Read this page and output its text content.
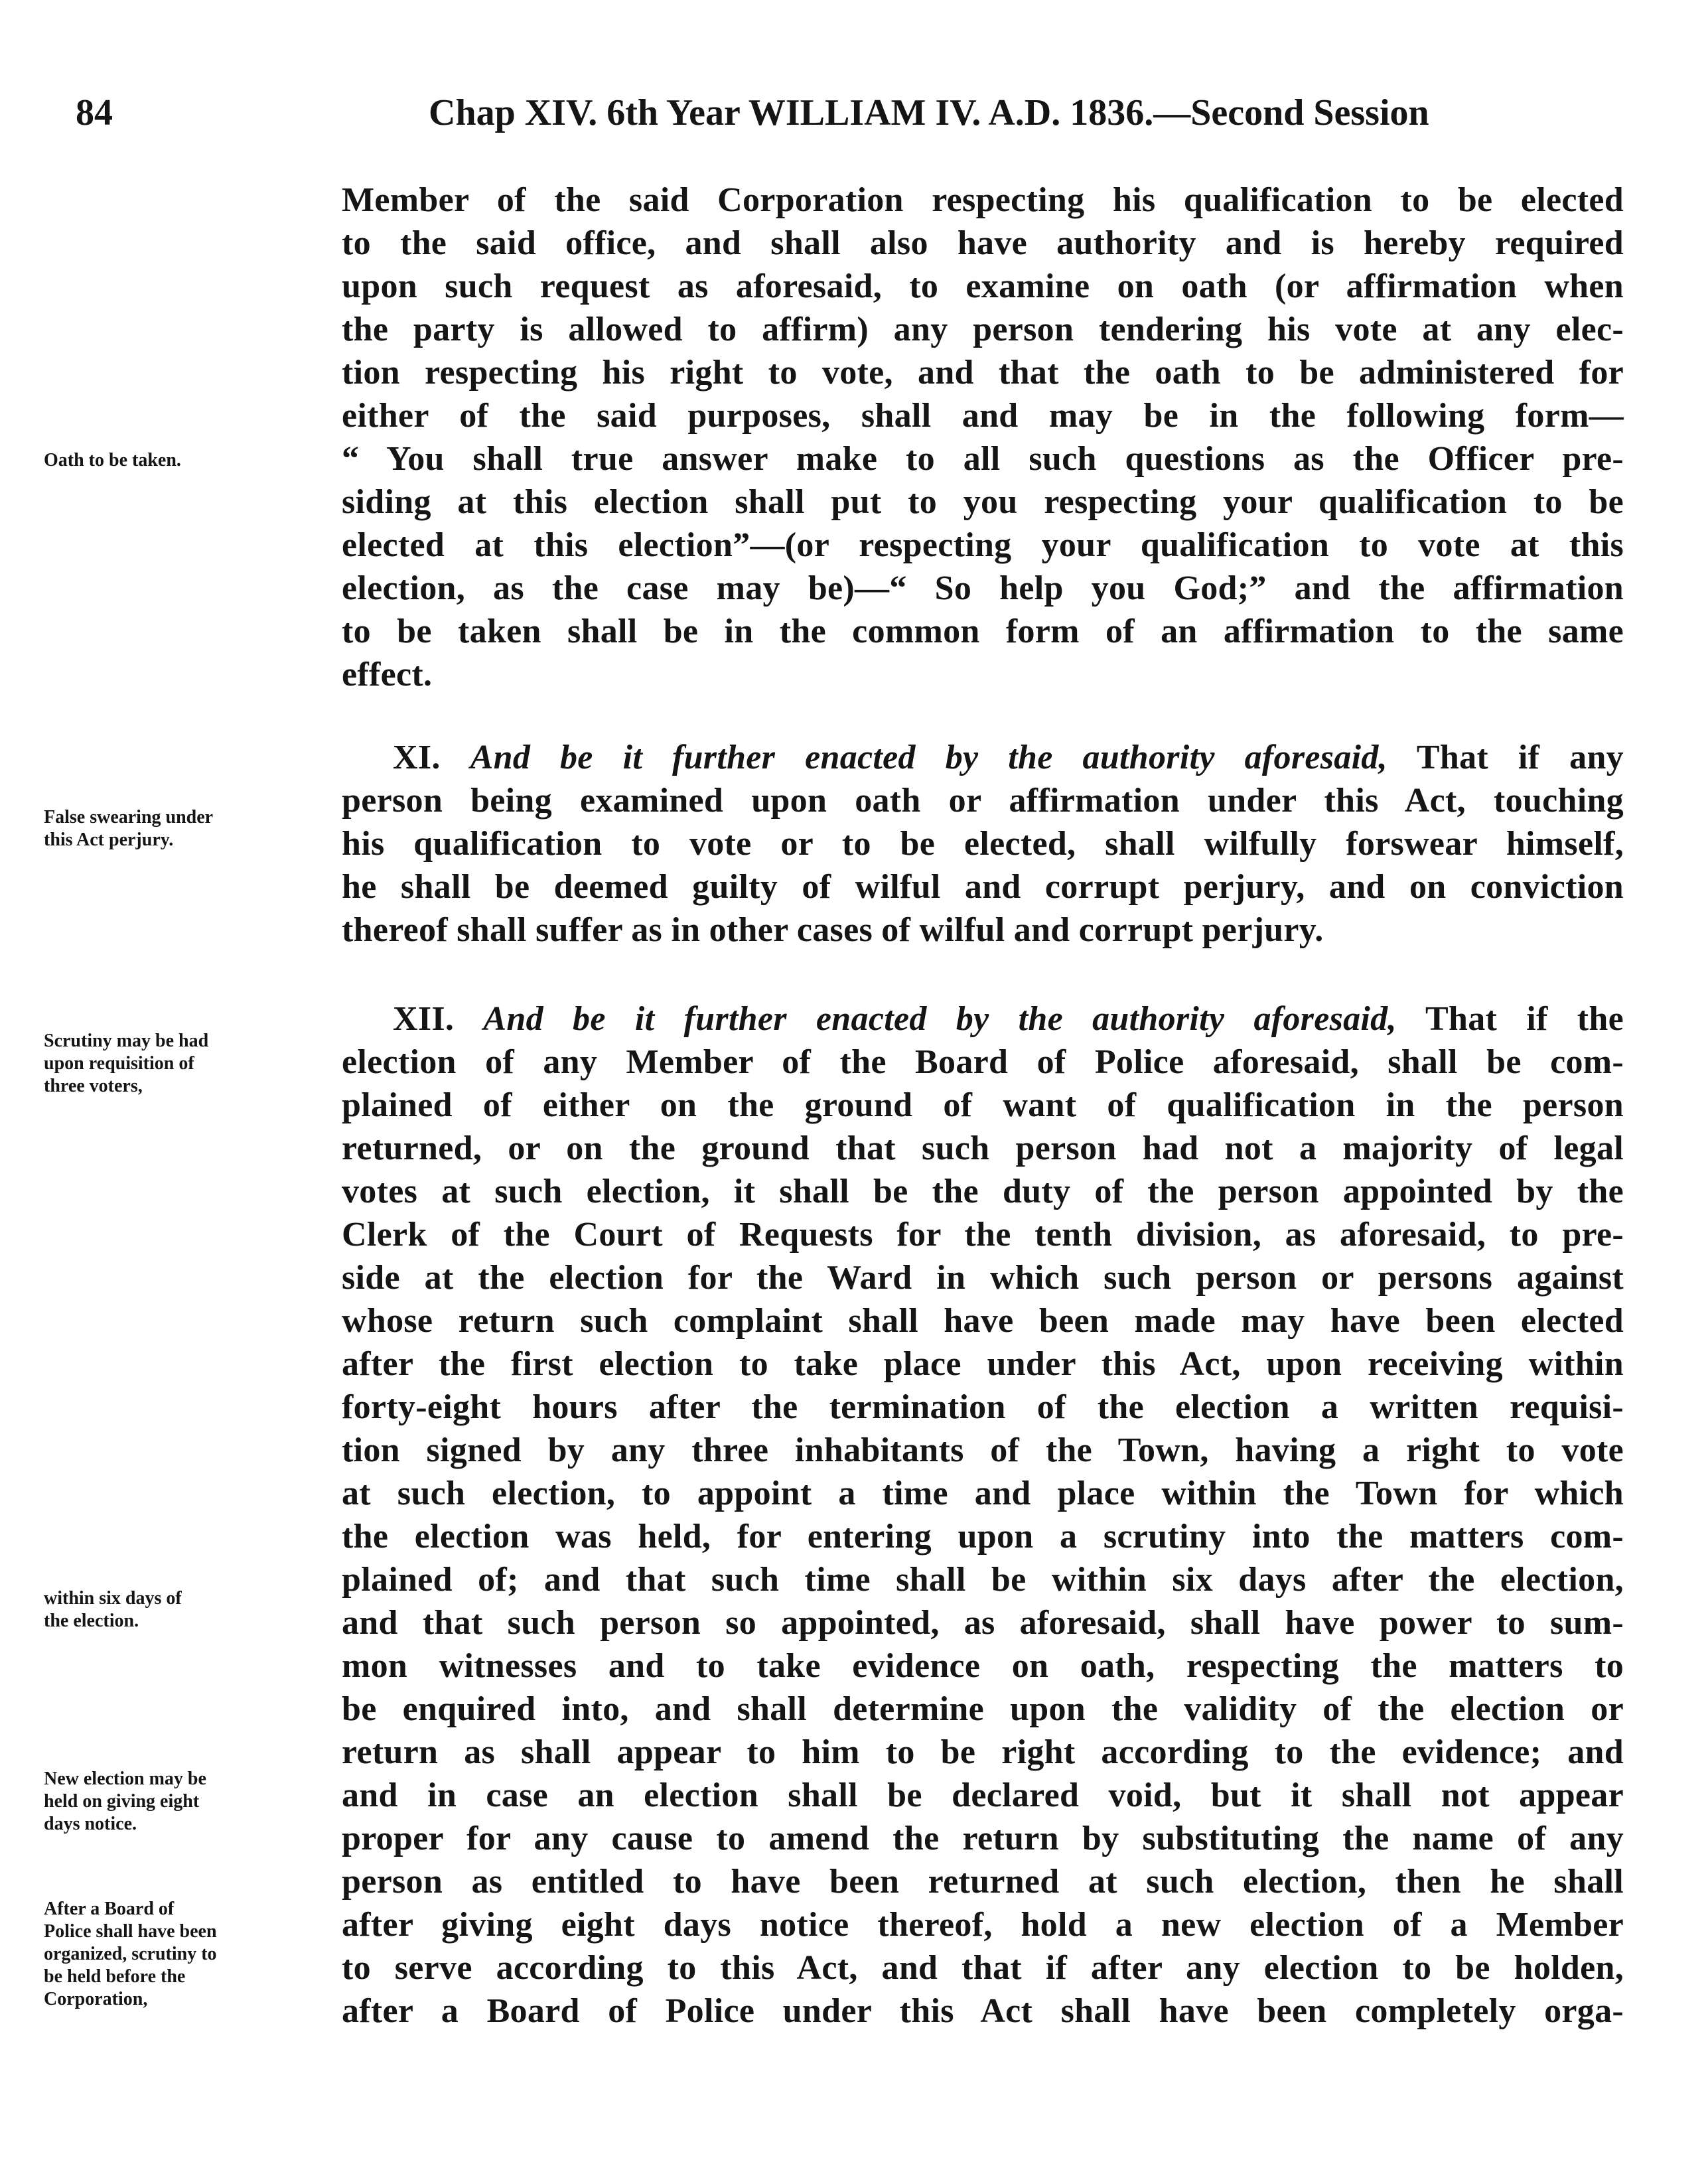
84	Chap XIV. 6th Year WILLIAM IV. A.D. 1836.—Second Session
Member of the said Corporation respecting his qualification to be elected
to the said office, and shall also have authority and is hereby required
upon such request as aforesaid, to examine on oath (or affirmation when
the party is allowed to affirm) any person tendering his vote at any elec-
tion respecting his right to vote, and that the oath to be administered for
either of the said purposes, shall and may be in the following form—
“ You shall true answer make to all such questions as the Officer pre-
siding at this election shall put to you respecting your qualification to be
elected at this election”—(or respecting your qualification to vote at this
election, as the case may be)—“ So help you God;” and the affirmation
to be taken shall be in the common form of an affirmation to the same
effect.
XI. And be it further enacted by the authority aforesaid, That if any
person being examined upon oath or affirmation under this Act, touching
his qualification to vote or to be elected, shall wilfully forswear himself,
he shall be deemed guilty of wilful and corrupt perjury, and on conviction
thereof shall suffer as in other cases of wilful and corrupt perjury.
XII. And be it further enacted by the authority aforesaid, That if the
election of any Member of the Board of Police aforesaid, shall be com-
plained of either on the ground of want of qualification in the person
returned, or on the ground that such person had not a majority of legal
votes at such election, it shall be the duty of the person appointed by the
Clerk of the Court of Requests for the tenth division, as aforesaid, to pre-
side at the election for the Ward in which such person or persons against
whose return such complaint shall have been made may have been elected
after the first election to take place under this Act, upon receiving within
forty-eight hours after the termination of the election a written requisi-
tion signed by any three inhabitants of the Town, having a right to vote
at such election, to appoint a time and place within the Town for which
the election was held, for entering upon a scrutiny into the matters com-
plained of; and that such time shall be within six days after the election,
and that such person so appointed, as aforesaid, shall have power to sum-
mon witnesses and to take evidence on oath, respecting the matters to
be enquired into, and shall determine upon the validity of the election or
return as shall appear to him to be right according to the evidence; and
and in case an election shall be declared void, but it shall not appear
proper for any cause to amend the return by substituting the name of any
person as entitled to have been returned at such election, then he shall
after giving eight days notice thereof, hold a new election of a Member
to serve according to this Act, and that if after any election to be holden,
after a Board of Police under this Act shall have been completely orga-
Oath to be taken.
False swearing under
this Act perjury.
Scrutiny may be had
upon requisition of
three voters,
within six days of
the election.
New election may be
held on giving eight
days notice.
After a Board of
Police shall have been
organized, scrutiny to
be held before the
Corporation,
